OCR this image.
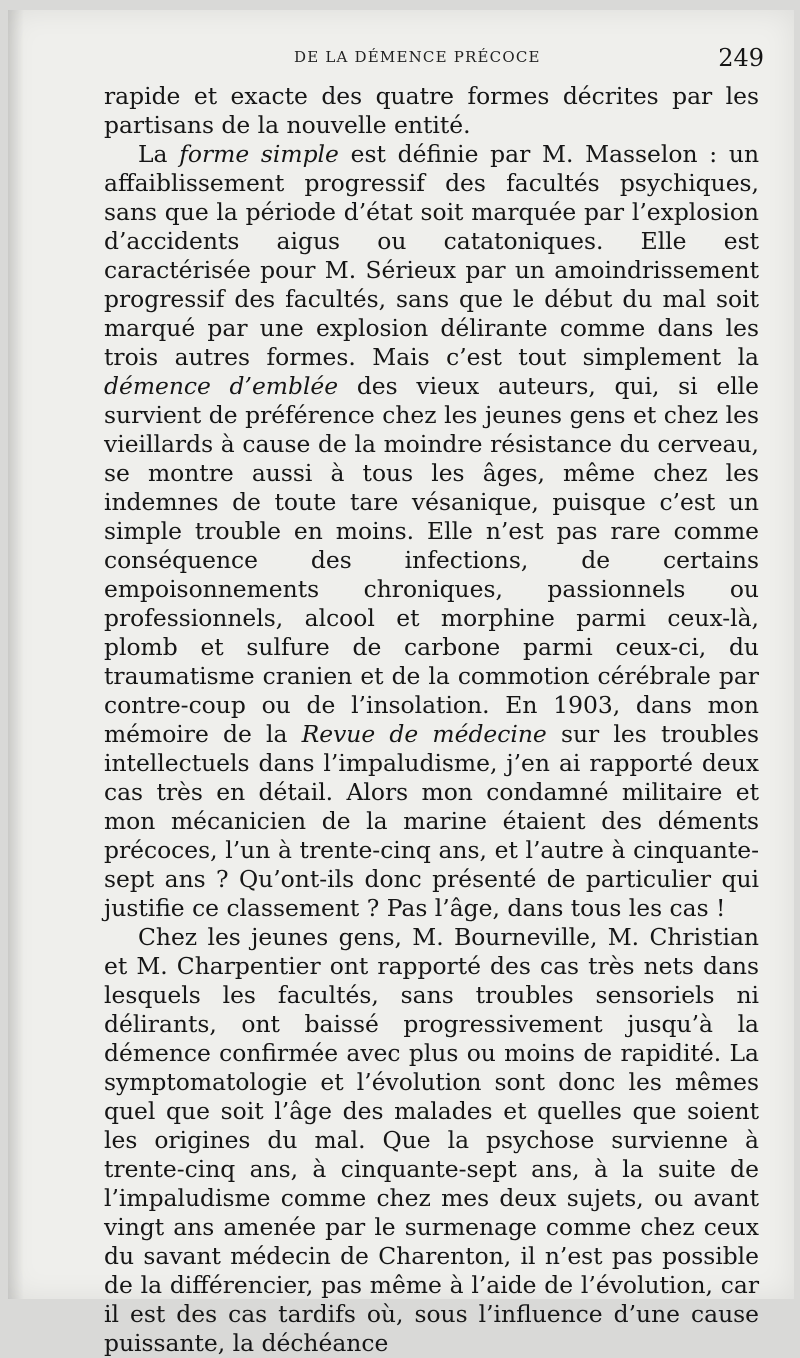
DE LA DÉMENCE PRÉCOCE	249

rapide et exacte des quatre formes décrites par les partisans de la nouvelle entité.

La forme simple est définie par M. Masselon : un affaiblissement progressif des facultés psychiques, sans que la période d’état soit marquée par l’explosion d’accidents aigus ou catatoniques. Elle est caractérisée pour M. Sérieux par un amoindrissement progressif des facultés, sans que le début du mal soit marqué par une explosion délirante comme dans les trois autres formes. Mais c’est tout simplement la démence d’emblée des vieux auteurs, qui, si elle survient de préférence chez les jeunes gens et chez les vieillards à cause de la moindre résistance du cerveau, se montre aussi à tous les âges, même chez les indemnes de toute tare vésanique, puisque c’est un simple trouble en moins. Elle n’est pas rare comme conséquence des infections, de certains empoisonnements chroniques, passionnels ou professionnels, alcool et morphine parmi ceux-là, plomb et sulfure de carbone parmi ceux-ci, du traumatisme cranien et de la commotion cérébrale par contre-coup ou de l’insolation. En 1903, dans mon mémoire de la Revue de médecine sur les troubles intellectuels dans l’impaludisme, j’en ai rapporté deux cas très en détail. Alors mon condamné militaire et mon mécanicien de la marine étaient des déments précoces, l’un à trente-cinq ans, et l’autre à cinquante-sept ans ? Qu’ont-ils donc présenté de particulier qui justifie ce classement ? Pas l’âge, dans tous les cas !

Chez les jeunes gens, M. Bourneville, M. Christian et M. Charpentier ont rapporté des cas très nets dans lesquels les facultés, sans troubles sensoriels ni délirants, ont baissé progressivement jusqu’à la démence confirmée avec plus ou moins de rapidité. La symptomatologie et l’évolution sont donc les mêmes quel que soit l’âge des malades et quelles que soient les origines du mal. Que la psychose survienne à trente-cinq ans, à cinquante-sept ans, à la suite de l’impaludisme comme chez mes deux sujets, ou avant vingt ans amenée par le surmenage comme chez ceux du savant médecin de Charenton, il n’est pas possible de la différencier, pas même à l’aide de l’évolution, car il est des cas tardifs où, sous l’influence d’une cause puissante, la déchéance
